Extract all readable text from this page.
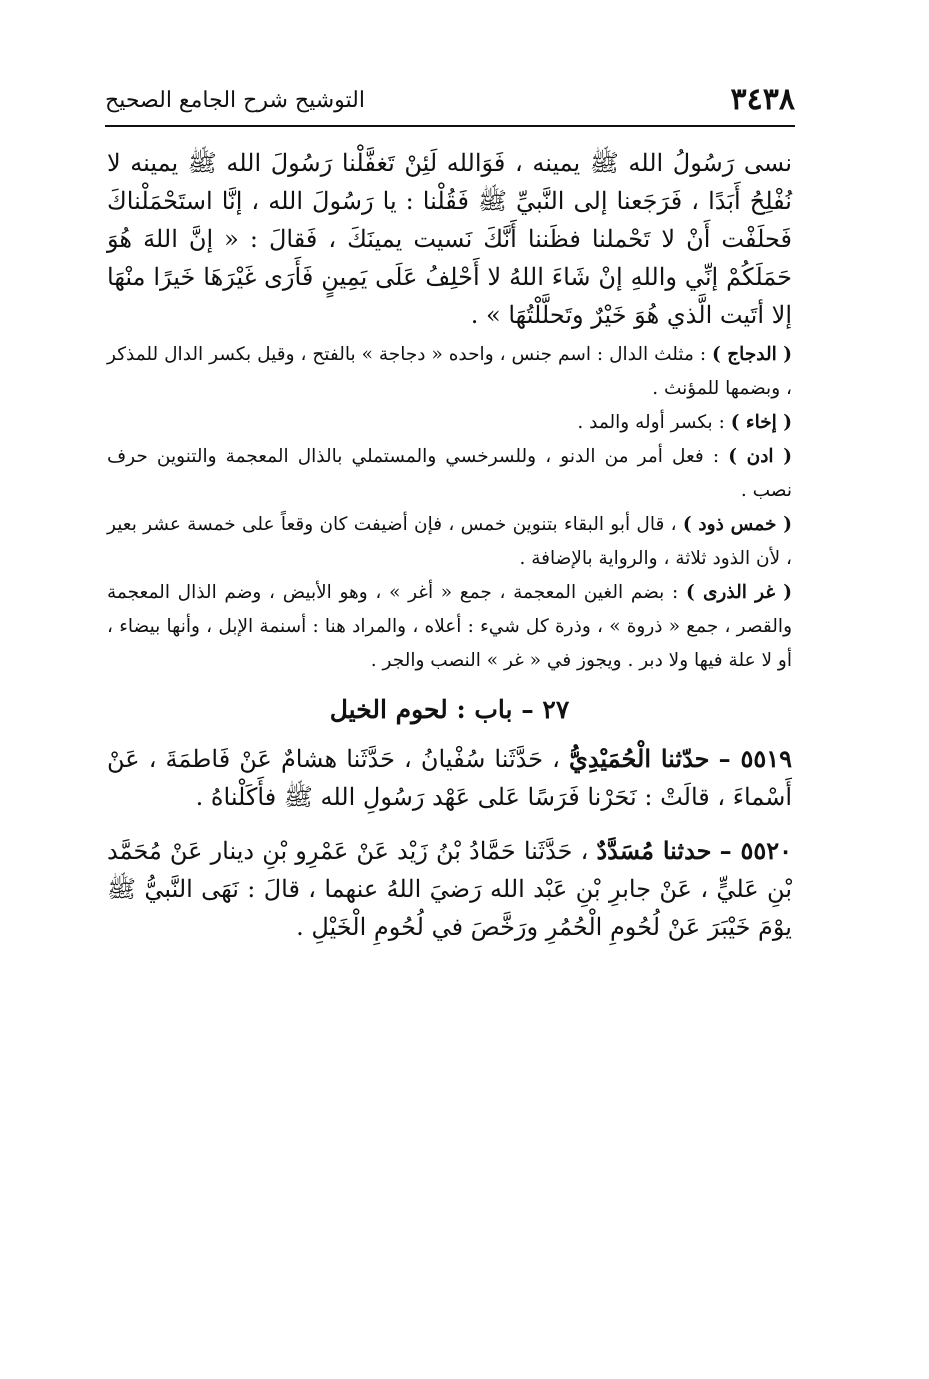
٣٤٣٨
التوشيح شرح الجامع الصحيح

نسى رَسُولُ الله ﷺ يمينه ، فَوَالله لَئِنْ تَغفَّلْنا رَسُولَ الله ﷺ يمينه لا نُفْلِحُ أَبَدًا ، فَرَجَعنا إلى النَّبيِّ ﷺ فَقُلْنا : يا رَسُولَ الله ، إنَّا استَحْمَلْناكَ فَحلَفْت أَنْ لا تَحْملنا فظَننا أَنَّكَ نَسيت يمينَكَ ، فَقالَ : « إنَّ اللهَ هُوَ حَمَلَكُمْ إنِّي واللهِ إنْ شَاءَ اللهُ لا أَحْلِفُ عَلَى يَمِينٍ فَأَرَى غَيْرَهَا خَيرًا منْهَا إلا أتَيت الَّذي هُوَ خَيْرٌ وتَحلَّلْتُهَا » .

( الدجاج ) : مثلث الدال : اسم جنس ، واحده « دجاجة » بالفتح ، وقيل بكسر الدال للمذكر ، وبضمها للمؤنث .

( إخاء ) : بكسر أوله والمد .

( ادن ) : فعل أمر من الدنو ، وللسرخسي والمستملي بالذال المعجمة والتنوين حرف نصب .

( خمس ذود ) ، قال أبو البقاء بتنوين خمس ، فإن أضيفت كان وقعاً على خمسة عشر بعير ، لأن الذود ثلاثة ، والرواية بالإضافة .

( غر الذرى ) : بضم الغين المعجمة ، جمع « أغر » ، وهو الأبيض ، وضم الذال المعجمة والقصر ، جمع « ذروة » ، وذرة كل شيء : أعلاه ، والمراد هنا : أسنمة الإبل ، وأنها بيضاء ، أو لا علة فيها ولا دبر . ويجوز في « غر » النصب والجر .

٢٧ – باب : لحوم الخيل

٥٥١٩ – حدّثنا الْحُمَيْدِيُّ ، حَدَّثَنا سُفْيانُ ، حَدَّثَنا هشامٌ عَنْ فَاطمَةَ ، عَنْ أَسْماءَ ، قالَتْ : نَحَرْنا فَرَسًا عَلى عَهْد رَسُولِ الله ﷺ فأَكَلْناهُ .

٥٥٢٠ – حدثنا مُسَدَّدٌ ، حَدَّثَنا حَمَّادُ بْنُ زَيْد عَنْ عَمْرِو بْنِ دينار عَنْ مُحَمَّد بْنِ عَليٍّ ، عَنْ جابرِ بْنِ عَبْد الله رَضيَ اللهُ عنهما ، قالَ : نَهَى النَّبيُّ ﷺ يوْمَ خَيْبَرَ عَنْ لُحُومِ الْحُمُرِ ورَخَّصَ في لُحُومِ الْخَيْلِ .
